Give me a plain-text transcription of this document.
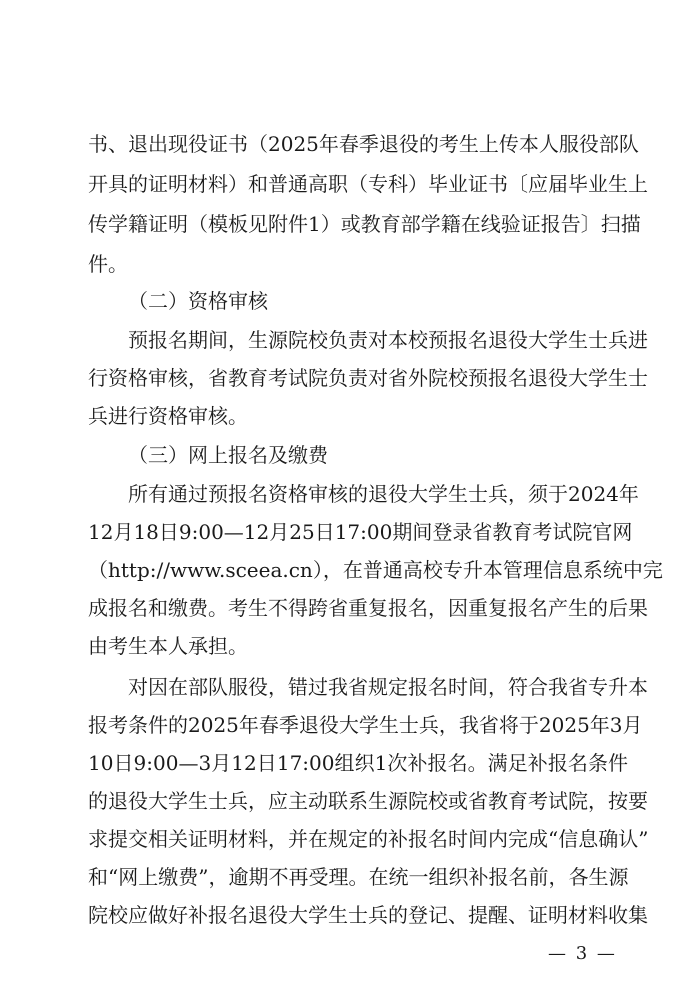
书、退出现役证书（2025年春季退役的考生上传本人服役部队
开具的证明材料）和普通高职（专科）毕业证书〔应届毕业生上
传学籍证明（模板见附件1）或教育部学籍在线验证报告〕扫描
件。
（二）资格审核
预报名期间，生源院校负责对本校预报名退役大学生士兵进
行资格审核，省教育考试院负责对省外院校预报名退役大学生士
兵进行资格审核。
（三）网上报名及缴费
所有通过预报名资格审核的退役大学生士兵，须于2024年
12月18日9:00—12月25日17:00期间登录省教育考试院官网
（http://www.sceea.cn），在普通高校专升本管理信息系统中完
成报名和缴费。考生不得跨省重复报名，因重复报名产生的后果
由考生本人承担。
对因在部队服役，错过我省规定报名时间，符合我省专升本
报考条件的2025年春季退役大学生士兵，我省将于2025年3月
10日9:00—3月12日17:00组织1次补报名。满足补报名条件
的退役大学生士兵，应主动联系生源院校或省教育考试院，按要
求提交相关证明材料，并在规定的补报名时间内完成“信息确认”
和“网上缴费”，逾期不再受理。在统一组织补报名前，各生源
院校应做好补报名退役大学生士兵的登记、提醒、证明材料收集
— 3 —
